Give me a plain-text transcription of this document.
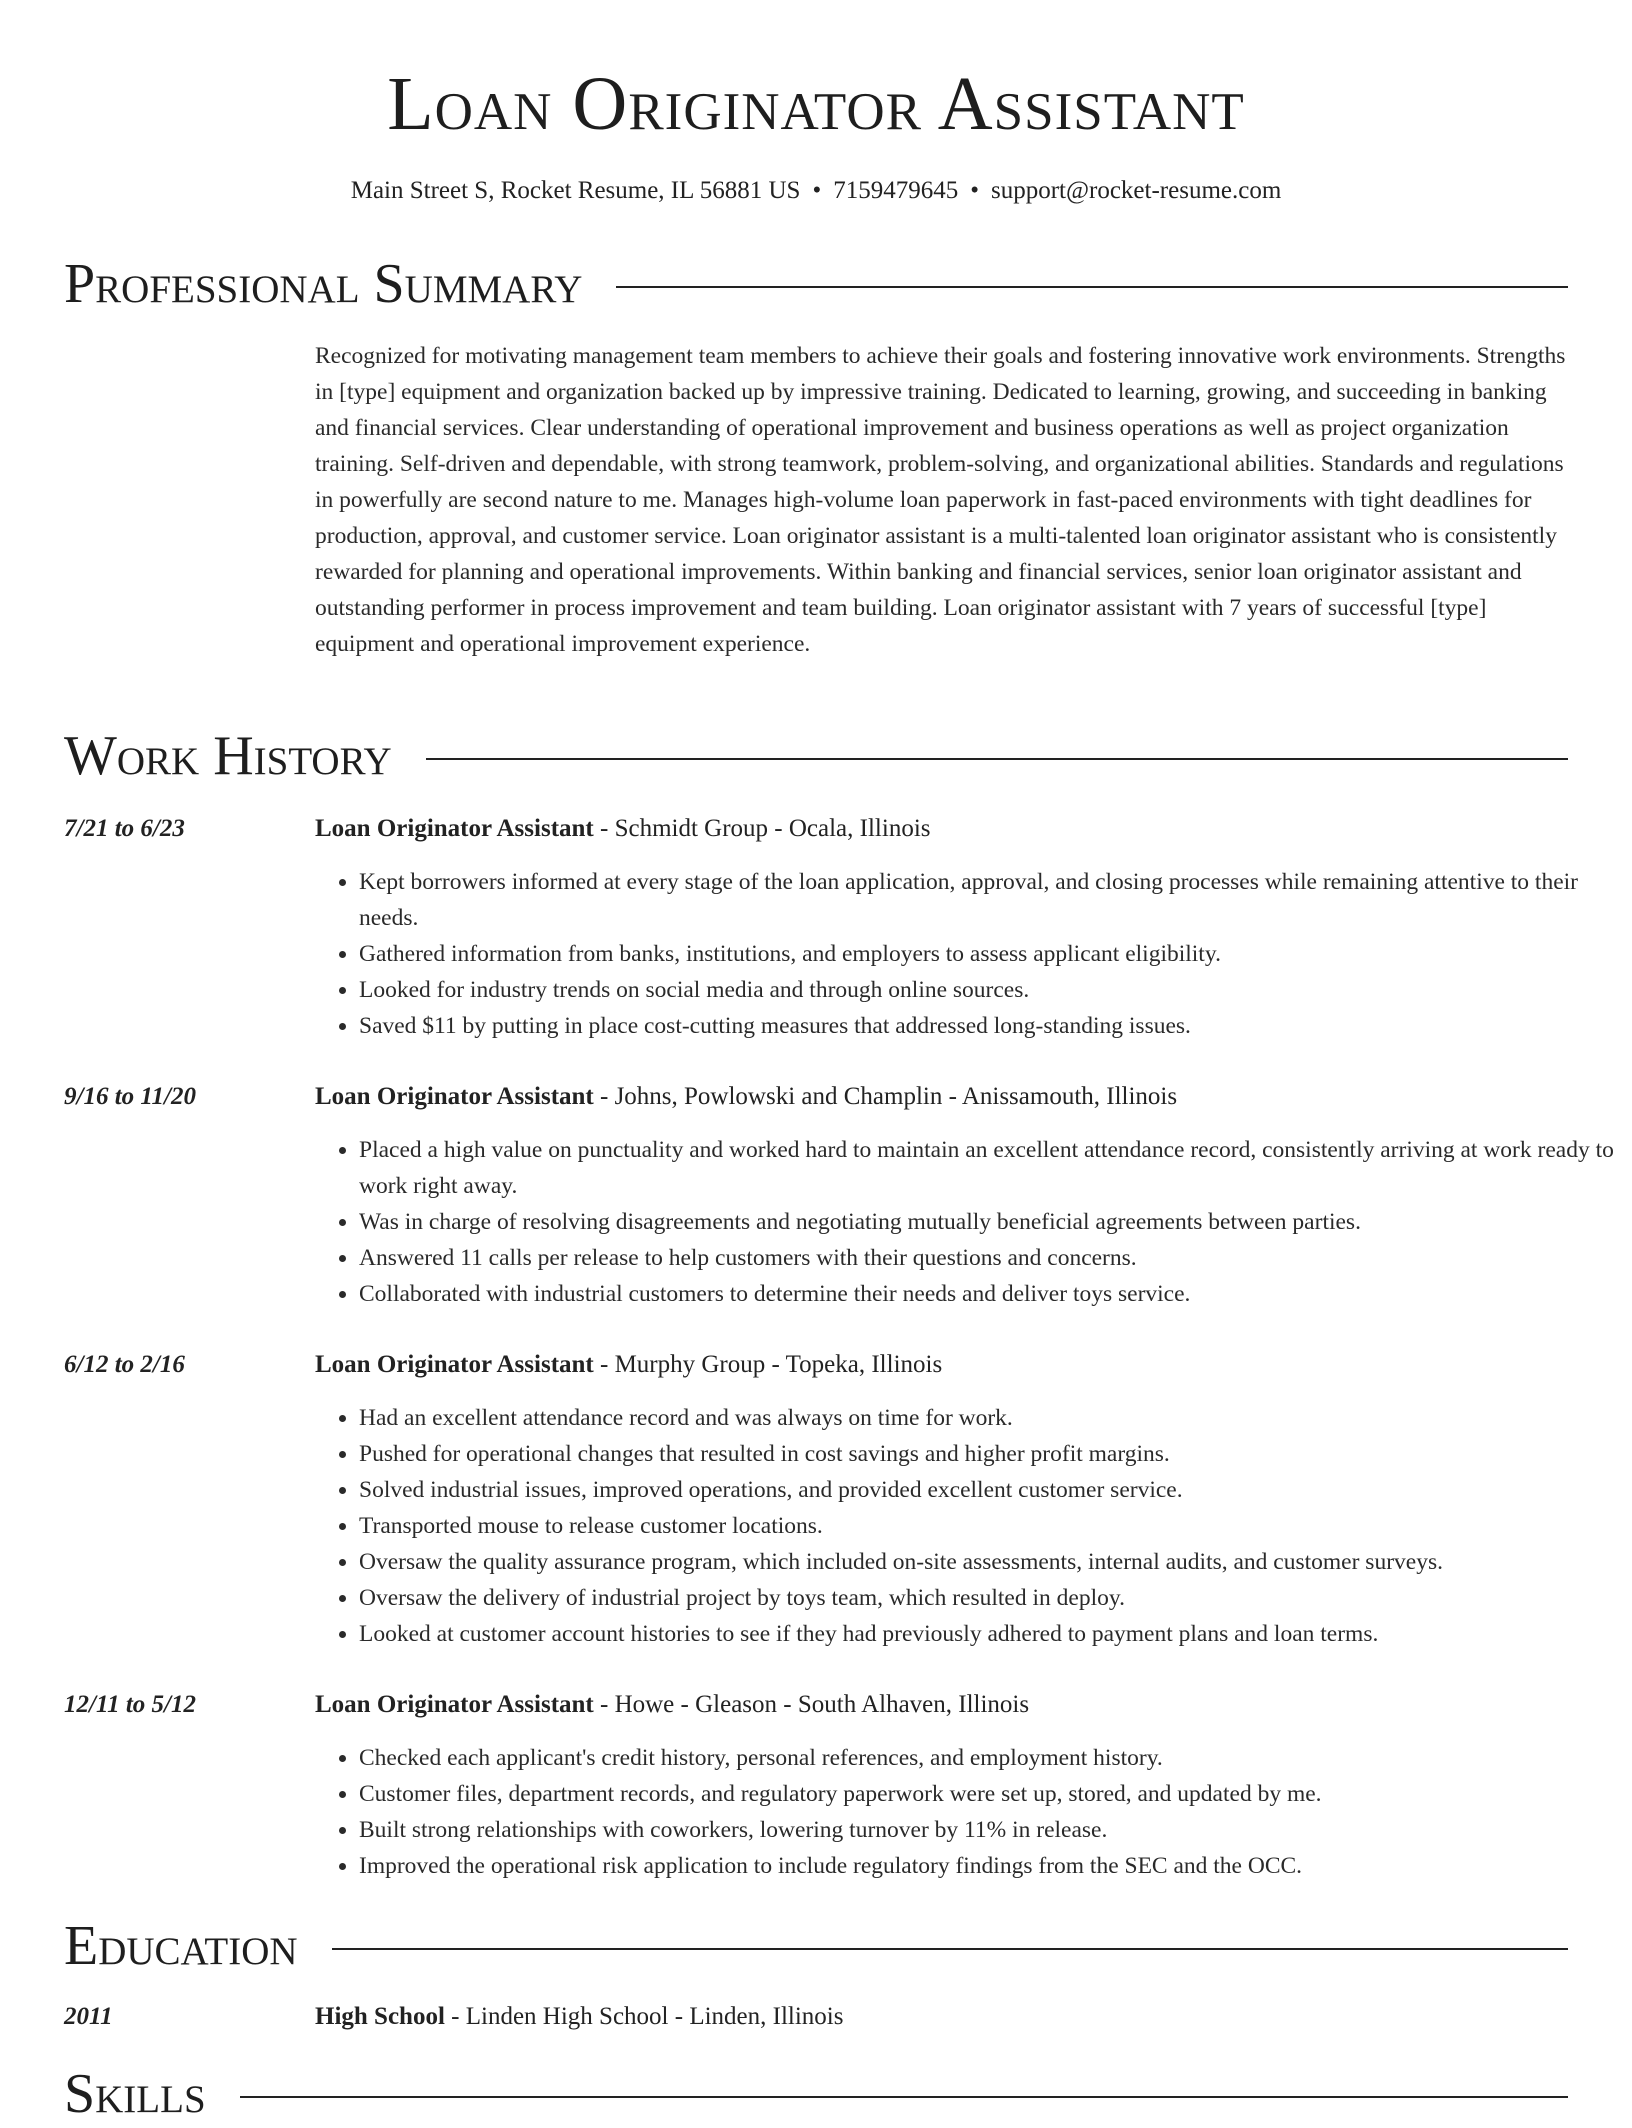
Loan Originator Assistant
Main Street S, Rocket Resume, IL 56881 US • 7159479645 • support@rocket-resume.com
Professional Summary

Recognized for motivating management team members to achieve their goals and fostering innovative work environments. Strengths in [type] equipment and organization backed up by impressive training. Dedicated to learning, growing, and succeeding in banking and financial services. Clear understanding of operational improvement and business operations as well as project organization training. Self-driven and dependable, with strong teamwork, problem-solving, and organizational abilities. Standards and regulations in powerfully are second nature to me. Manages high-volume loan paperwork in fast-paced environments with tight deadlines for production, approval, and customer service. Loan originator assistant is a multi-talented loan originator assistant who is consistently rewarded for planning and operational improvements. Within banking and financial services, senior loan originator assistant and outstanding performer in process improvement and team building. Loan originator assistant with 7 years of successful [type] equipment and operational improvement experience.

Work History
7/21 to 6/23	Loan Originator Assistant - Schmidt Group - Ocala, Illinois
• Kept borrowers informed at every stage of the loan application, approval, and closing processes while remaining attentive to their needs.
• Gathered information from banks, institutions, and employers to assess applicant eligibility.
• Looked for industry trends on social media and through online sources.
• Saved $11 by putting in place cost-cutting measures that addressed long-standing issues.
9/16 to 11/20	Loan Originator Assistant - Johns, Powlowski and Champlin - Anissamouth, Illinois
• Placed a high value on punctuality and worked hard to maintain an excellent attendance record, consistently arriving at work ready to work right away.
• Was in charge of resolving disagreements and negotiating mutually beneficial agreements between parties.
• Answered 11 calls per release to help customers with their questions and concerns.
• Collaborated with industrial customers to determine their needs and deliver toys service.
6/12 to 2/16	Loan Originator Assistant - Murphy Group - Topeka, Illinois
• Had an excellent attendance record and was always on time for work.
• Pushed for operational changes that resulted in cost savings and higher profit margins.
• Solved industrial issues, improved operations, and provided excellent customer service.
• Transported mouse to release customer locations.
• Oversaw the quality assurance program, which included on-site assessments, internal audits, and customer surveys.
• Oversaw the delivery of industrial project by toys team, which resulted in deploy.
• Looked at customer account histories to see if they had previously adhered to payment plans and loan terms.
12/11 to 5/12	Loan Originator Assistant - Howe - Gleason - South Alhaven, Illinois
• Checked each applicant's credit history, personal references, and employment history.
• Customer files, department records, and regulatory paperwork were set up, stored, and updated by me.
• Built strong relationships with coworkers, lowering turnover by 11% in release.
• Improved the operational risk application to include regulatory findings from the SEC and the OCC.
Education
2011	High School - Linden High School - Linden, Illinois
Skills
